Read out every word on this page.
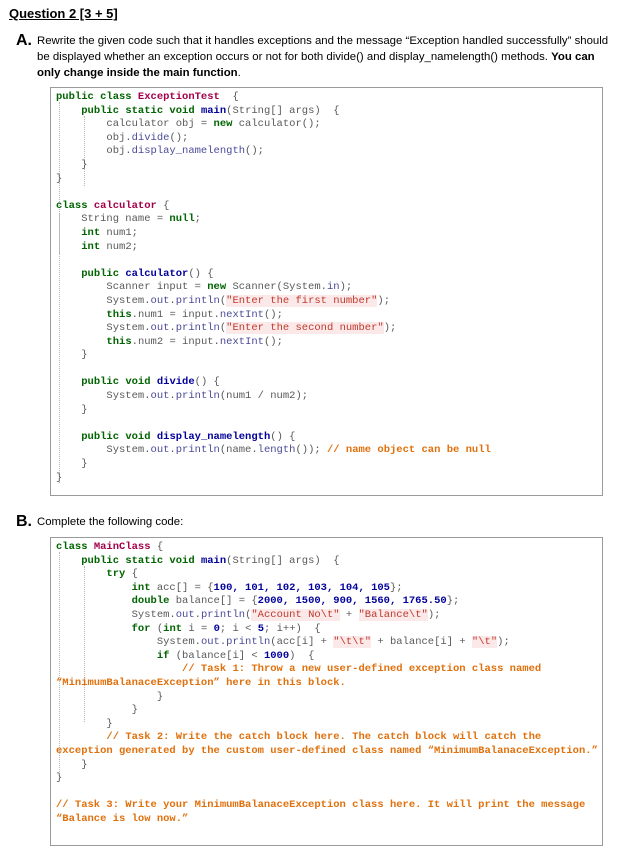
Question 2 [3 + 5]
A. Rewrite the given code such that it handles exceptions and the message “Exception handled successfully” should be displayed whether an exception occurs or not for both divide() and display_namelength() methods. You can only change inside the main function.
public class ExceptionTest  {
public static void main(String[] args)  {
calculator obj = new calculator();
obj.divide();
obj.display_namelength();
}
}
class calculator {
String name = null;
int num1;
int num2;
public calculator() {
Scanner input = new Scanner(System.in);
System.out.println("Enter the first number");
this.num1 = input.nextInt();
System.out.println("Enter the second number");
this.num2 = input.nextInt();
}
public void divide() {
System.out.println(num1 / num2);
}
public void display_namelength() {
System.out.println(name.length()); // name object can be null
}
}
B. Complete the following code:
class MainClass {
public static void main(String[] args)  {
try {
int acc[] = {100, 101, 102, 103, 104, 105};
double balance[] = {2000, 1500, 900, 1560, 1765.50};
System.out.println("Account No\t" + "Balance\t");
for (int i = 0; i < 5; i++)  {
System.out.println(acc[i] + "\t\t" + balance[i] + "\t");
if (balance[i] < 1000)  {
// Task 1: Throw a new user-defined exception class named
“MinimumBalanaceException” here in this block.
}
}
}
// Task 2: Write the catch block here. The catch block will catch the exception generated by the custom user-defined class named “MinimumBalanaceException.”
}
}
// Task 3: Write your MinimumBalanaceException class here. It will print the message “Balance is low now.”
